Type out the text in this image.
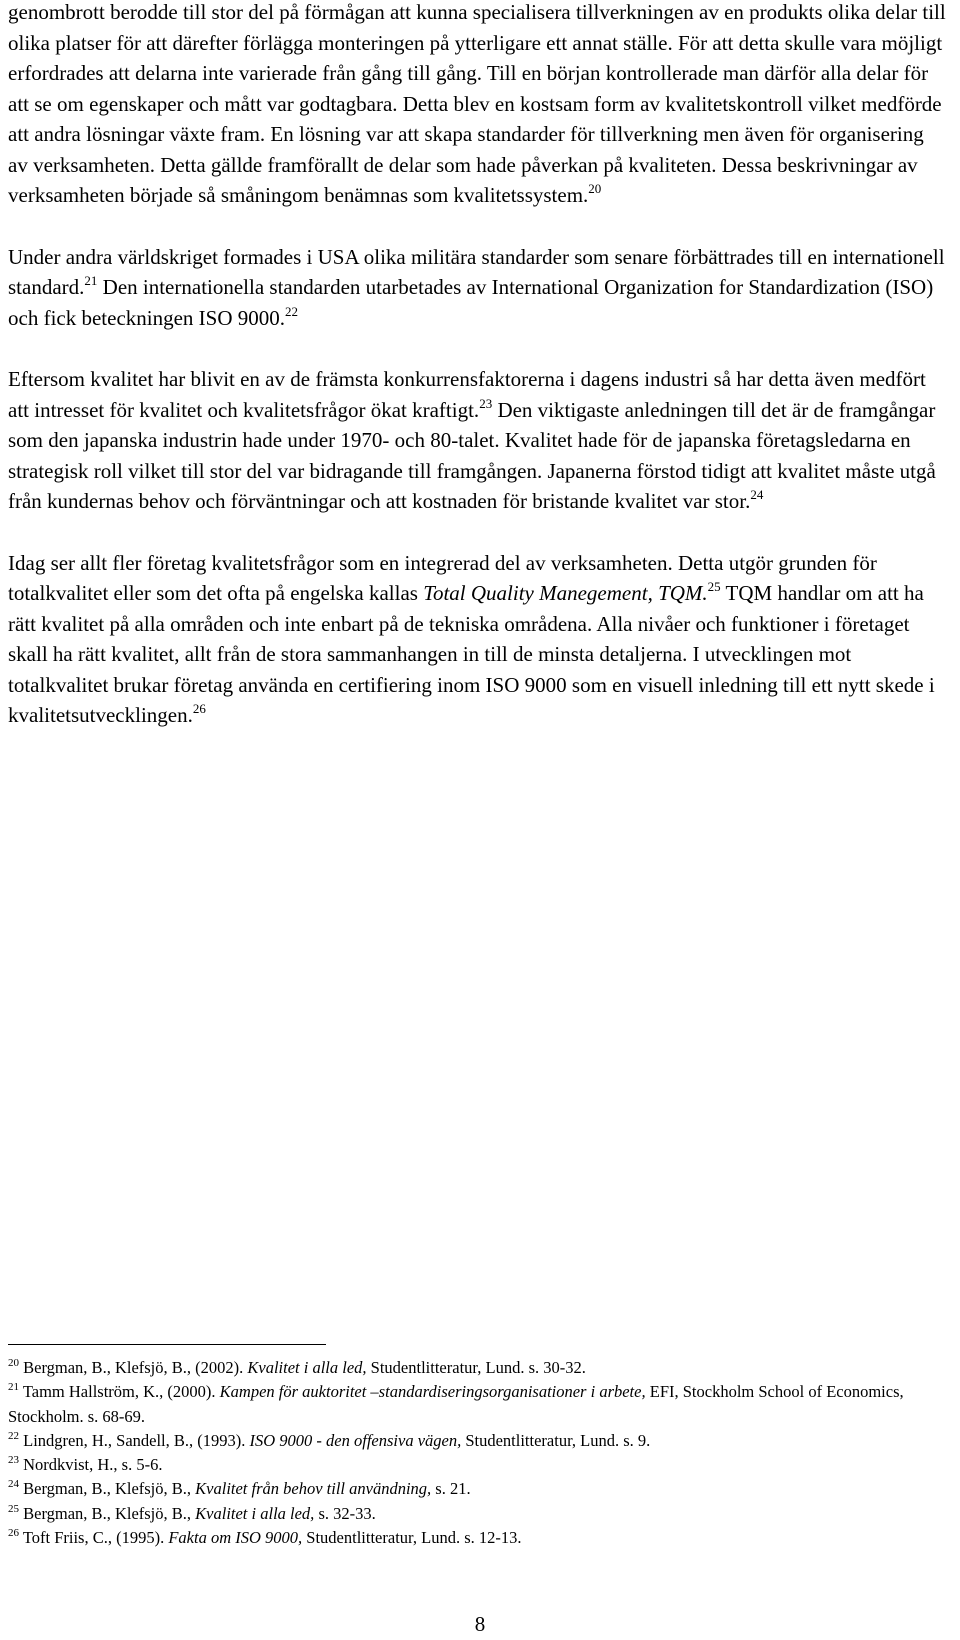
genombrott berodde till stor del på förmågan att kunna specialisera tillverkningen av en produkts olika delar till olika platser för att därefter förlägga monteringen på ytterligare ett annat ställe. För att detta skulle vara möjligt erfordrades att delarna inte varierade från gång till gång. Till en början kontrollerade man därför alla delar för att se om egenskaper och mått var godtagbara. Detta blev en kostsam form av kvalitetskontroll vilket medförde att andra lösningar växte fram. En lösning var att skapa standarder för tillverkning men även för organisering av verksamheten. Detta gällde framförallt de delar som hade påverkan på kvaliteten. Dessa beskrivningar av verksamheten började så småningom benämnas som kvalitetssystem.$^{20}$

Under andra världskriget formades i USA olika militära standarder som senare förbättrades till en internationell standard.$^{21}$ Den internationella standarden utarbetades av International Organization for Standardization (ISO) och fick beteckningen ISO 9000.22

Eftersom kvalitet har blivit en av de främsta konkurrensfaktorerna i dagens industri så har detta även medfört att intresset för kvalitet och kvalitetsfrågor ökat kraftigt.$^{23}$ Den viktigaste anledningen till det är de framgångar som den japanska industrin hade under 1970- och 80-talet. Kvalitet hade för de japanska företagsledarna en strategisk roll vilket till stor del var bidragande till framgången. Japanerna förstod tidigt att kvalitet måste utgå från kundernas behov och förväntningar och att kostnaden för bristande kvalitet var stor.$^{24}$

Idag ser allt fler företag kvalitetsfrågor som en integrerad del av verksamheten. Detta utgör grunden för totalkvalitet eller som det ofta på engelska kallas Total Quality Manegement, TQM.$^{25}$ TQM handlar om att ha rätt kvalitet på alla områden och inte enbart på de tekniska områdena. Alla nivåer och funktioner i företaget skall ha rätt kvalitet, allt från de stora sammanhangen in till de minsta detaljerna. I utvecklingen mot totalkvalitet brukar företag använda en certifiering inom ISO 9000 som en visuell inledning till ett nytt skede i kvalitetsutvecklingen.$^{26}$

$^{20}$ Bergman, B., Klefsjö, B., (2002). Kvalitet i alla led, Studentlitteratur, Lund. s. 30-32.

$^{21}$ Tamm Hallström, K., (2000). Kampen för auktoritet –standardiseringsorganisationer i arbete, EFI, Stockholm School of Economics, Stockholm. s. 68-69.

$^{22}$ Lindgren, H., Sandell, B., (1993). ISO 9000 - den offensiva vägen, Studentlitteratur, Lund. s. 9.

$^{23}$ Nordkvist, H., s. 5-6.

$^{24}$ Bergman, B., Klefsjö, B., Kvalitet från behov till användning, s. 21.

$^{25}$ Bergman, B., Klefsjö, B., Kvalitet i alla led, s. 32-33.

$^{26}$ Toft Friis, C., (1995). Fakta om ISO 9000, Studentlitteratur, Lund. s. 12-13.

8
